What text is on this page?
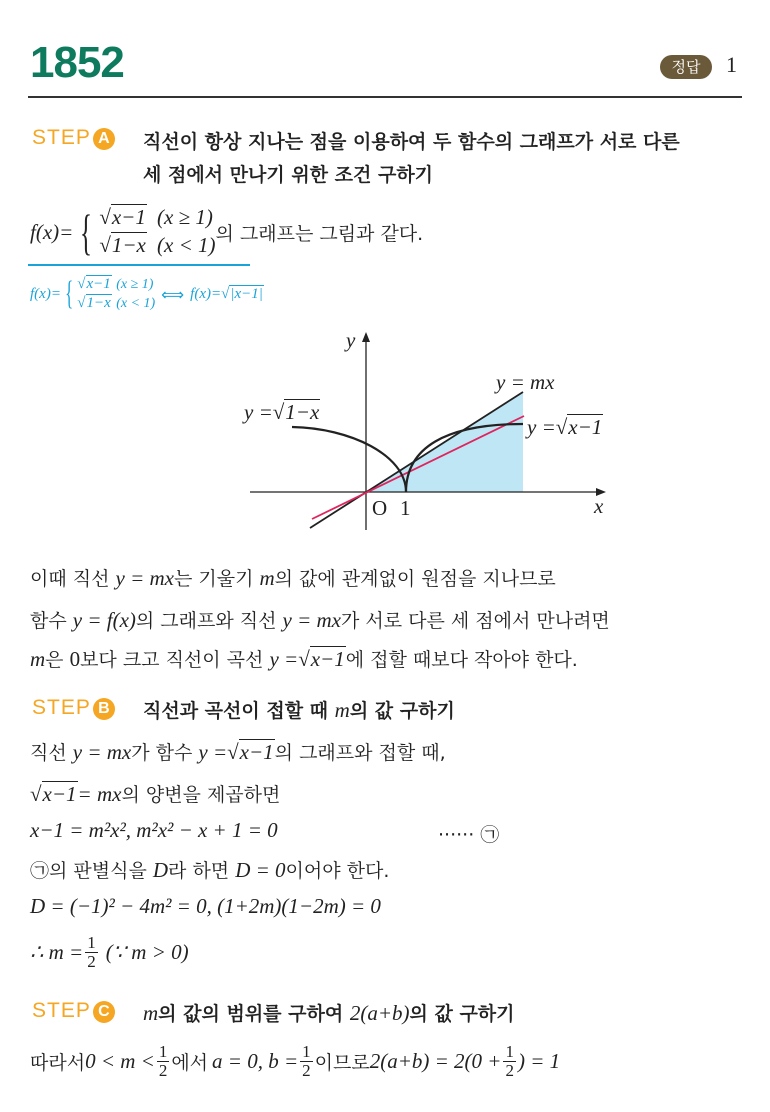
1852	정답	1
STEP A 직선이 항상 지나는 점을 이용하여 두 함수의 그래프가 서로 다른
세 점에서 만나기 위한 조건 구하기
f(x)= { √x−1 (x ≥ 1)
√1−x (x < 1) 의 그래프는 그림과 같다.
f(x)= { √x−1 (x ≥ 1)
√1−x (x < 1) ⟺ f(x)= √ |x−1|
y
x
O 1
y = mx
y =√1−x
y =√x−1
이때 직선 y = mx는 기울기 m의 값에 관계없이 원점을 지나므로
함수 y = f(x)의 그래프와 직선 y = mx가 서로 다른 세 점에서 만나려면
m은 0보다 크고 직선이 곡선 y =√x−1에 접할 때보다 작아야 한다.
STEP B 직선과 곡선이 접할 때 m의 값 구하기
직선 y = mx가 함수 y =√x−1의 그래프와 접할 때,
√x−1= mx의 양변을 제곱하면
x−1 = m²x², m²x² − x + 1 = 0	······ ㉠
㉠의 판별식을 D라 하면 D = 0이어야 한다.
D = (−1)² − 4m² = 0, (1+2m)(1−2m) = 0
∴ $m = \frac{1}{2}$ (∵ m > 0)
STEP C m의 값의 범위를 구하여 2(a+b)의 값 구하기
따라서 $0 < m < \frac{1}{2}$ 에서 a = 0, $b = \frac{1}{2}$ 이므로 $2(a+b) = 2(0 + \frac{1}{2}$ ) = 1
